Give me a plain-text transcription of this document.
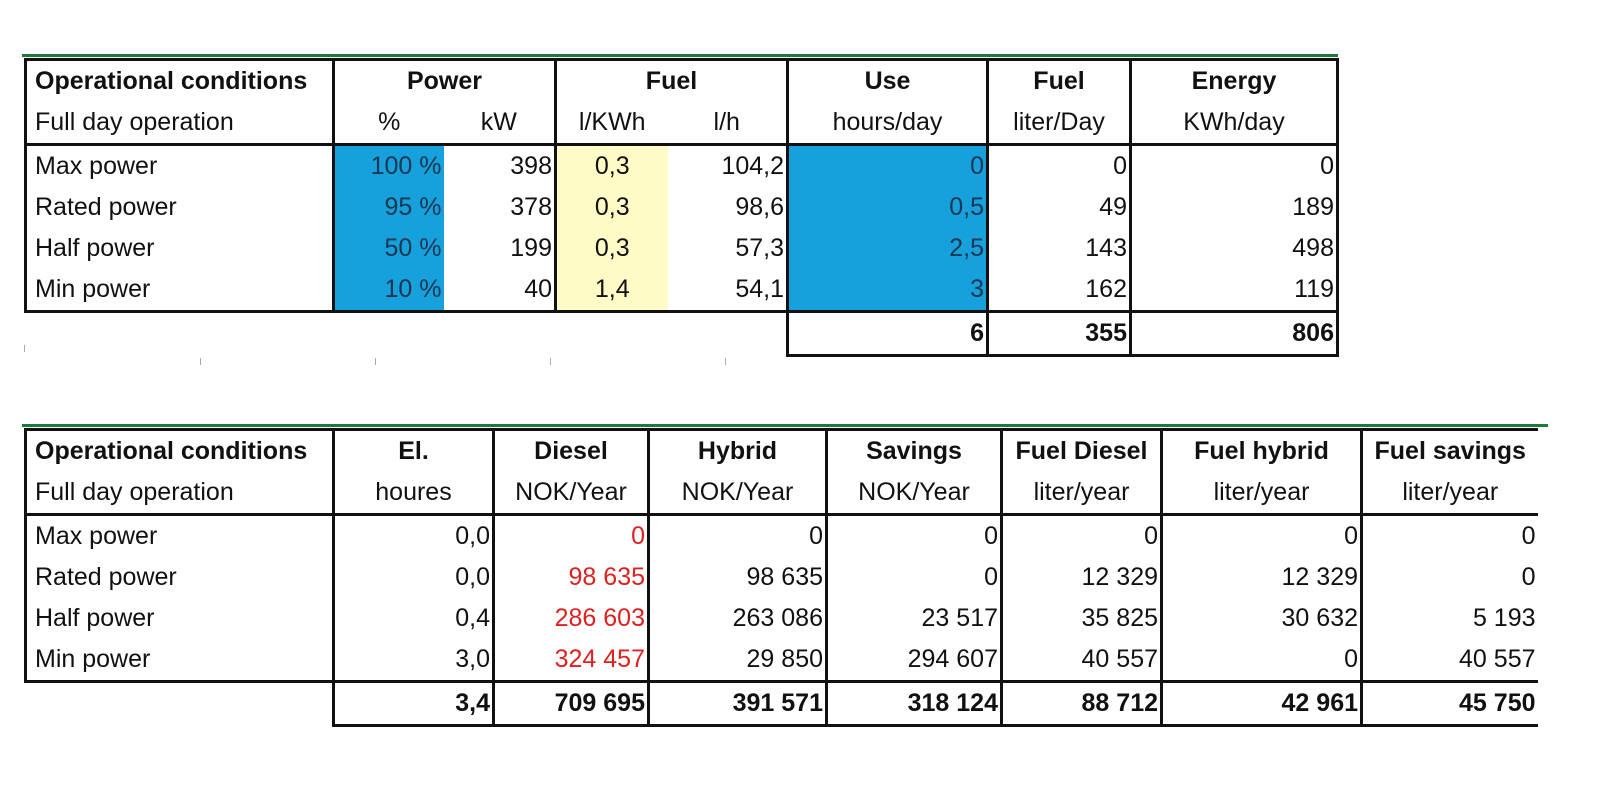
Operational conditions	Power		Fuel		Use	Fuel	Energy
Full day operation	%	kW	l/KWh	l/h	hours/day	liter/Day	KWh/day
Max power	100 %	398	0,3	104,2	0	0	0
Rated power	95 %	378	0,3	98,6	0,5	49	189
Half power	50 %	199	0,3	57,3	2,5	143	498
Min power	10 %	40	1,4	54,1	3	162	119
					6	355	806
Operational conditions	El.	Diesel	Hybrid	Savings	Fuel Diesel	Fuel hybrid	Fuel savings
Full day operation	houres	NOK/Year	NOK/Year	NOK/Year	liter/year	liter/year	liter/year
Max power	0,0	0	0	0	0	0	0
Rated power	0,0	98 635	98 635	0	12 329	12 329	0
Half power	0,4	286 603	263 086	23 517	35 825	30 632	5 193
Min power	3,0	324 457	29 850	294 607	40 557	0	40 557
	3,4	709 695	391 571	318 124	88 712	42 961	45 750
